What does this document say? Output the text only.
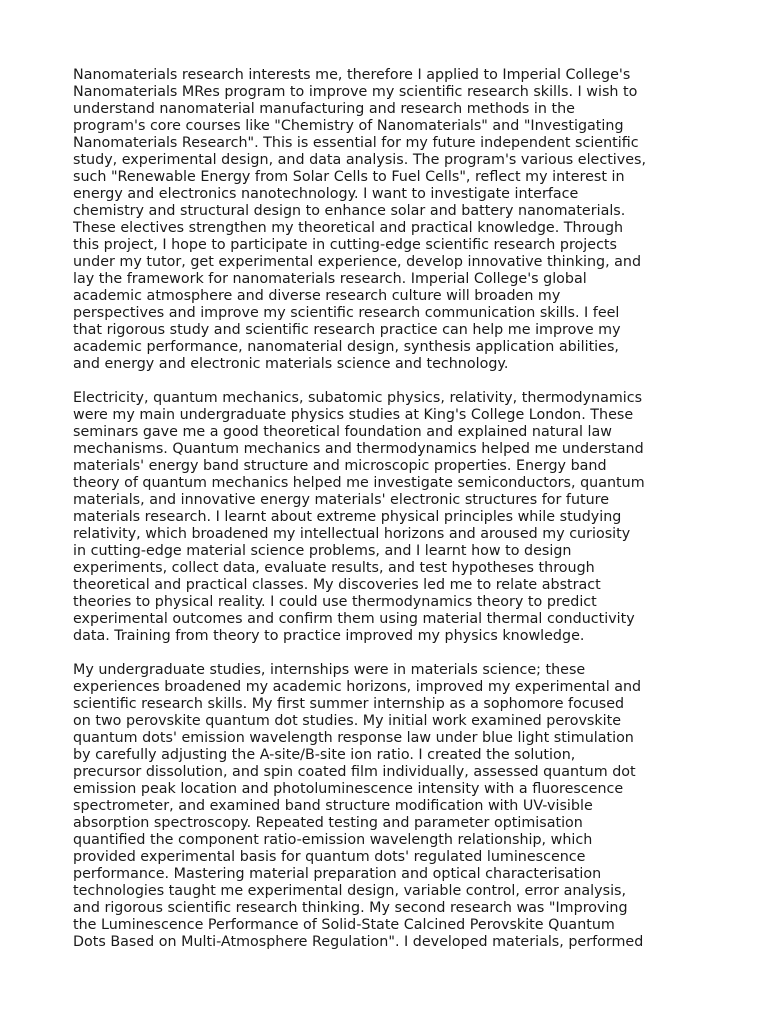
Nanomaterials research interests me, therefore I applied to Imperial College's
Nanomaterials MRes program to improve my scientific research skills. I wish to
understand nanomaterial manufacturing and research methods in the
program's core courses like "Chemistry of Nanomaterials" and "Investigating
Nanomaterials Research". This is essential for my future independent scientific
study, experimental design, and data analysis. The program's various electives,
such "Renewable Energy from Solar Cells to Fuel Cells", reflect my interest in
energy and electronics nanotechnology. I want to investigate interface
chemistry and structural design to enhance solar and battery nanomaterials.
These electives strengthen my theoretical and practical knowledge. Through
this project, I hope to participate in cutting-edge scientific research projects
under my tutor, get experimental experience, develop innovative thinking, and
lay the framework for nanomaterials research. Imperial College's global
academic atmosphere and diverse research culture will broaden my
perspectives and improve my scientific research communication skills. I feel
that rigorous study and scientific research practice can help me improve my
academic performance, nanomaterial design, synthesis application abilities,
and energy and electronic materials science and technology.
Electricity, quantum mechanics, subatomic physics, relativity, thermodynamics
were my main undergraduate physics studies at King's College London. These
seminars gave me a good theoretical foundation and explained natural law
mechanisms. Quantum mechanics and thermodynamics helped me understand
materials' energy band structure and microscopic properties. Energy band
theory of quantum mechanics helped me investigate semiconductors, quantum
materials, and innovative energy materials' electronic structures for future
materials research. I learnt about extreme physical principles while studying
relativity, which broadened my intellectual horizons and aroused my curiosity
in cutting-edge material science problems, and I learnt how to design
experiments, collect data, evaluate results, and test hypotheses through
theoretical and practical classes. My discoveries led me to relate abstract
theories to physical reality. I could use thermodynamics theory to predict
experimental outcomes and confirm them using material thermal conductivity
data. Training from theory to practice improved my physics knowledge.
My undergraduate studies, internships were in materials science; these
experiences broadened my academic horizons, improved my experimental and
scientific research skills. My first summer internship as a sophomore focused
on two perovskite quantum dot studies. My initial work examined perovskite
quantum dots' emission wavelength response law under blue light stimulation
by carefully adjusting the A-site/B-site ion ratio. I created the solution,
precursor dissolution, and spin coated film individually, assessed quantum dot
emission peak location and photoluminescence intensity with a fluorescence
spectrometer, and examined band structure modification with UV-visible
absorption spectroscopy. Repeated testing and parameter optimisation
quantified the component ratio-emission wavelength relationship, which
provided experimental basis for quantum dots' regulated luminescence
performance. Mastering material preparation and optical characterisation
technologies taught me experimental design, variable control, error analysis,
and rigorous scientific research thinking. My second research was "Improving
the Luminescence Performance of Solid-State Calcined Perovskite Quantum
Dots Based on Multi-Atmosphere Regulation". I developed materials, performed
